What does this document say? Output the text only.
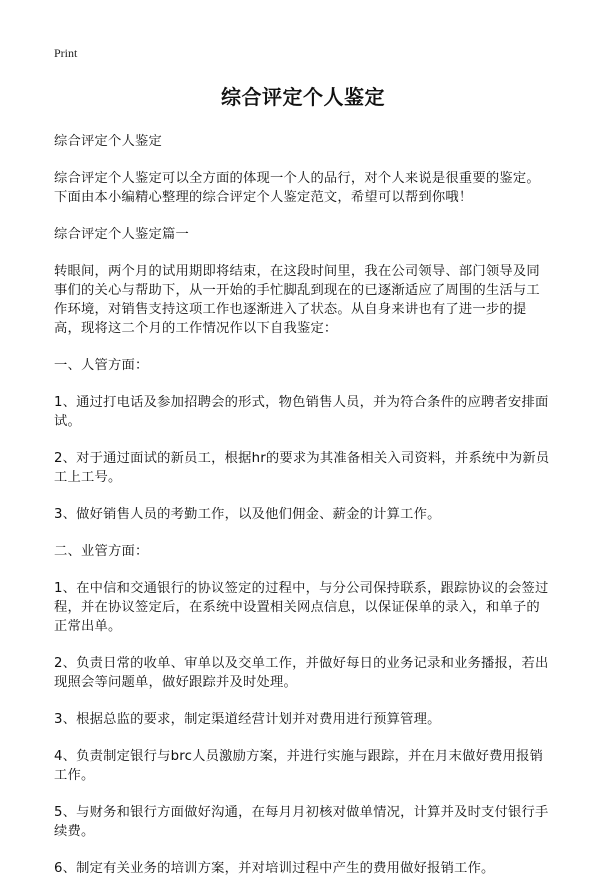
Print
综合评定个人鉴定

综合评定个人鉴定

综合评定个人鉴定可以全方面的体现一个人的品行，对个人来说是很重要的鉴定。下面由本小编精心整理的综合评定个人鉴定范文，希望可以帮到你哦！

综合评定个人鉴定篇一

转眼间，两个月的试用期即将结束，在这段时间里，我在公司领导、部门领导及同事们的关心与帮助下，从一开始的手忙脚乱到现在的已逐渐适应了周围的生活与工作环境，对销售支持这项工作也逐渐进入了状态。从自身来讲也有了进一步的提高，现将这二个月的工作情况作以下自我鉴定：

一、人管方面：

1、通过打电话及参加招聘会的形式，物色销售人员，并为符合条件的应聘者安排面试。

2、对于通过面试的新员工，根据hr的要求为其准备相关入司资料，并系统中为新员工上工号。

3、做好销售人员的考勤工作，以及他们佣金、薪金的计算工作。

二、业管方面：

1、在中信和交通银行的协议签定的过程中，与分公司保持联系，跟踪协议的会签过程，并在协议签定后，在系统中设置相关网点信息，以保证保单的录入，和单子的正常出单。

2、负责日常的收单、审单以及交单工作，并做好每日的业务记录和业务播报，若出现照会等问题单，做好跟踪并及时处理。

3、根据总监的要求，制定渠道经营计划并对费用进行预算管理。

4、负责制定银行与brc人员激励方案，并进行实施与跟踪，并在月末做好费用报销工作。

5、与财务和银行方面做好沟通，在每月月初核对做单情况，计算并及时支付银行手续费。

6、制定有关业务的培训方案，并对培训过程中产生的费用做好报销工作。
